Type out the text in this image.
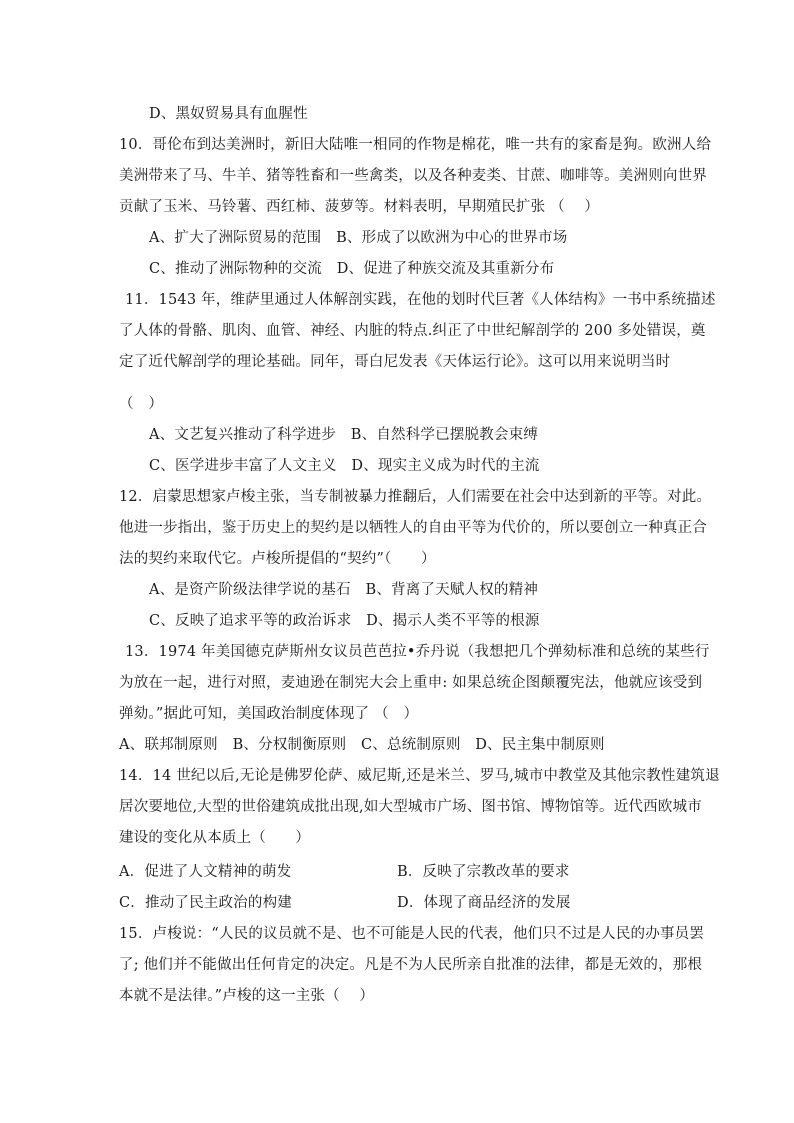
D、黑奴贸易具有血腥性
10．哥伦布到达美洲时，新旧大陆唯一相同的作物是棉花，唯一共有的家畜是狗。欧洲人给
美洲带来了马、牛羊、猪等牲畜和一些禽类，以及各种麦类、甘蔗、咖啡等。美洲则向世界
贡献了玉米、马铃薯、西红柿、菠萝等。材料表明，早期殖民扩张 （　 ）
A、扩大了洲际贸易的范围　B、形成了以欧洲为中心的世界市场
C、推动了洲际物种的交流　D、促进了种族交流及其重新分布
11．1543 年，维萨里通过人体解剖实践，在他的划时代巨著《人体结构》一书中系统描述
了人体的骨骼、肌肉、血管、神经、内脏的特点.纠正了中世纪解剖学的 200 多处错误，奠
定了近代解剖学的理论基础。同年，哥白尼发表《天体运行论》。这可以用来说明当时
（　）
A、文艺复兴推动了科学进步　B、自然科学已摆脱教会束缚
C、医学进步丰富了人文主义　D、现实主义成为时代的主流
12．启蒙思想家卢梭主张，当专制被暴力推翻后，人们需要在社会中达到新的平等。对此。
他进一步指出，鉴于历史上的契约是以牺牲人的自由平等为代价的，所以要创立一种真正合
法的契约来取代它。卢梭所提倡的“契约”（　　）
A、是资产阶级法律学说的基石　B、背离了天赋人权的精神
C、反映了追求平等的政治诉求　D、揭示人类不平等的根源
13．1974 年美国德克萨斯州女议员芭芭拉•乔丹说（我想把几个弹劾标准和总统的某些行
为放在一起，进行对照，麦迪逊在制宪大会上重申: 如果总统企图颠覆宪法，他就应该受到
弹劾。”据此可知，美国政治制度体现了 （　）
A、联邦制原则　B、分权制衡原则　C、总统制原则　D、民主集中制原则
14．14 世纪以后,无论是佛罗伦萨、威尼斯,还是米兰、罗马,城市中教堂及其他宗教性建筑退
居次要地位,大型的世俗建筑成批出现,如大型城市广场、图书馆、博物馆等。近代西欧城市
建设的变化从本质上（　　）
A．促进了人文精神的萌发	B．反映了宗教改革的要求
C．推动了民主政治的构建	D．体现了商品经济的发展
15．卢梭说：“人民的议员就不是、也不可能是人民的代表，他们只不过是人民的办事员罢
了; 他们并不能做出任何肯定的决定。凡是不为人民所亲自批准的法律，都是无效的，那根
本就不是法律。”卢梭的这一主张（　 ）
